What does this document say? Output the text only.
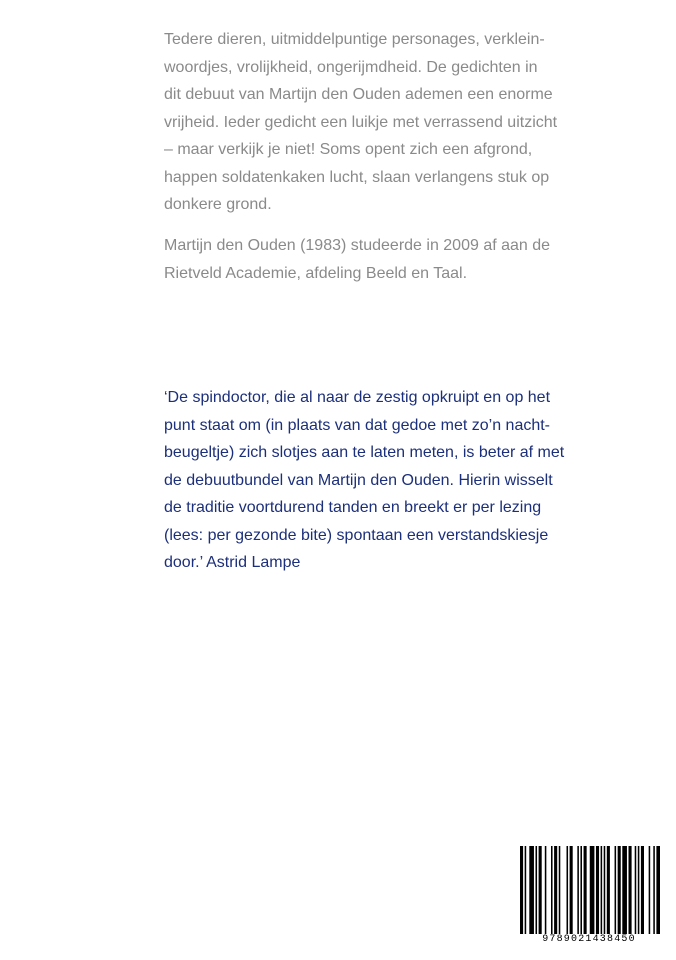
Tedere dieren, uitmiddelpuntige personages, verklein-
woordjes, vrolijkheid, ongerijmdheid. De gedichten in
dit debuut van Martijn den Ouden ademen een enorme
vrijheid. Ieder gedicht een luikje met verrassend uitzicht
– maar verkijk je niet! Soms opent zich een afgrond,
happen soldatenkaken lucht, slaan verlangens stuk op
donkere grond.
Martijn den Ouden (1983) studeerde in 2009 af aan de
Rietveld Academie, afdeling Beeld en Taal.
‘De spindoctor, die al naar de zestig opkruipt en op het
punt staat om (in plaats van dat gedoe met zo’n nacht-
beugeltje) zich slotjes aan te laten meten, is beter af met
de debuutbundel van Martijn den Ouden. Hierin wisselt
de traditie voortdurend tanden en breekt er per lezing
(lees: per gezonde bite) spontaan een verstandskiesje
door.’ Astrid Lampe
9789021438450
